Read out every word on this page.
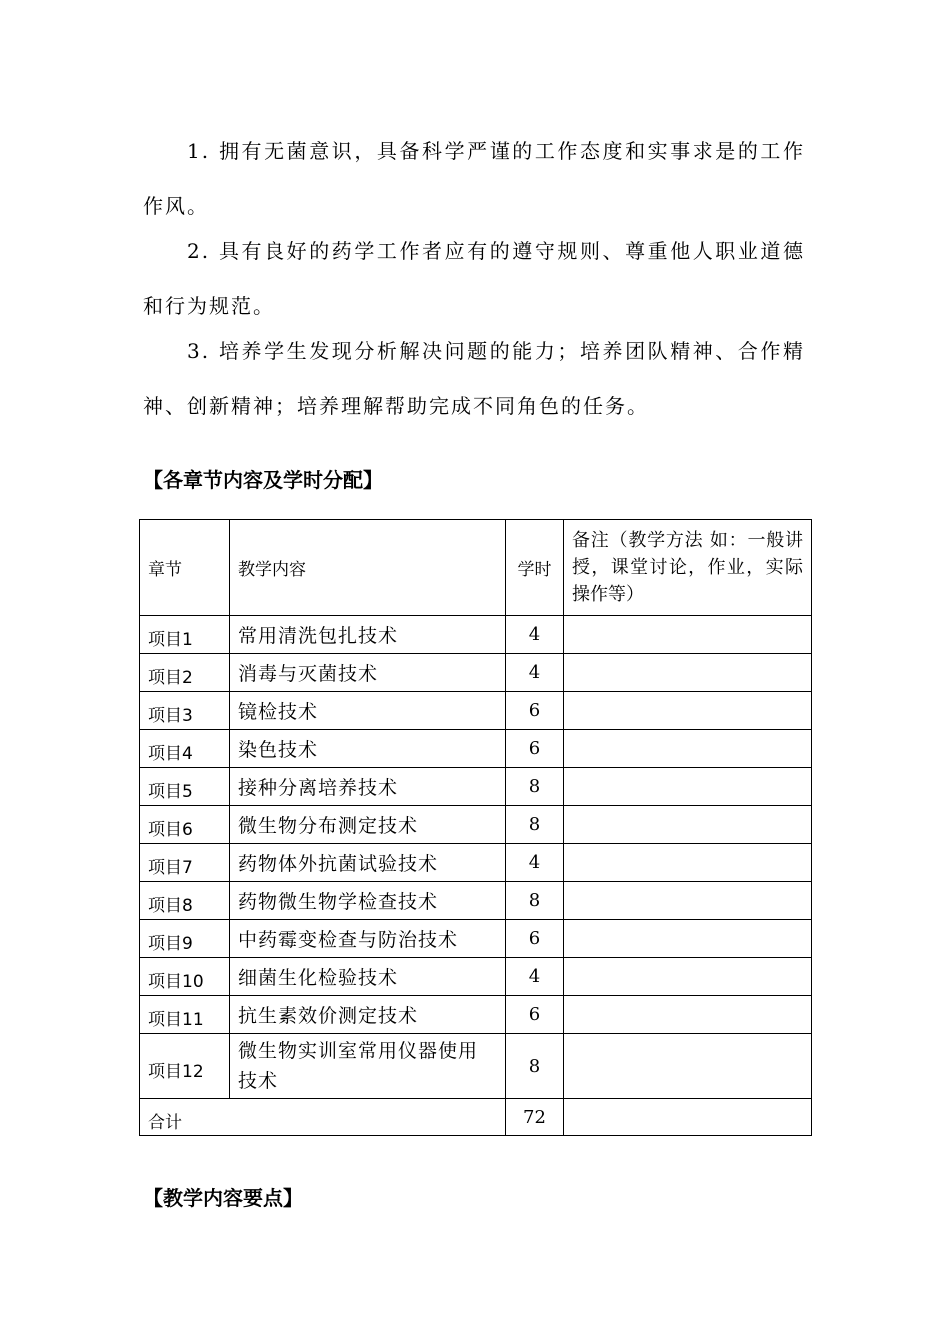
1. 拥有无菌意识，具备科学严谨的工作态度和实事求是的工作作风。

2. 具有良好的药学工作者应有的遵守规则、尊重他人职业道德和行为规范。

3. 培养学生发现分析解决问题的能力；培养团队精神、合作精神、创新精神；培养理解帮助完成不同角色的任务。

【各章节内容及学时分配】
章节	教学内容	学时	备注（教学方法 如：一般讲授，课堂讨论，作业，实际操作等）
项目1	常用清洗包扎技术	4	
项目2	消毒与灭菌技术	4	
项目3	镜检技术	6	
项目4	染色技术	6	
项目5	接种分离培养技术	8	
项目6	微生物分布测定技术	8	
项目7	药物体外抗菌试验技术	4	
项目8	药物微生物学检查技术	8	
项目9	中药霉变检查与防治技术	6	
项目10	细菌生化检验技术	4	
项目11	抗生素效价测定技术	6	
项目12	微生物实训室常用仪器使用技术	8	
合计		72	
【教学内容要点】
